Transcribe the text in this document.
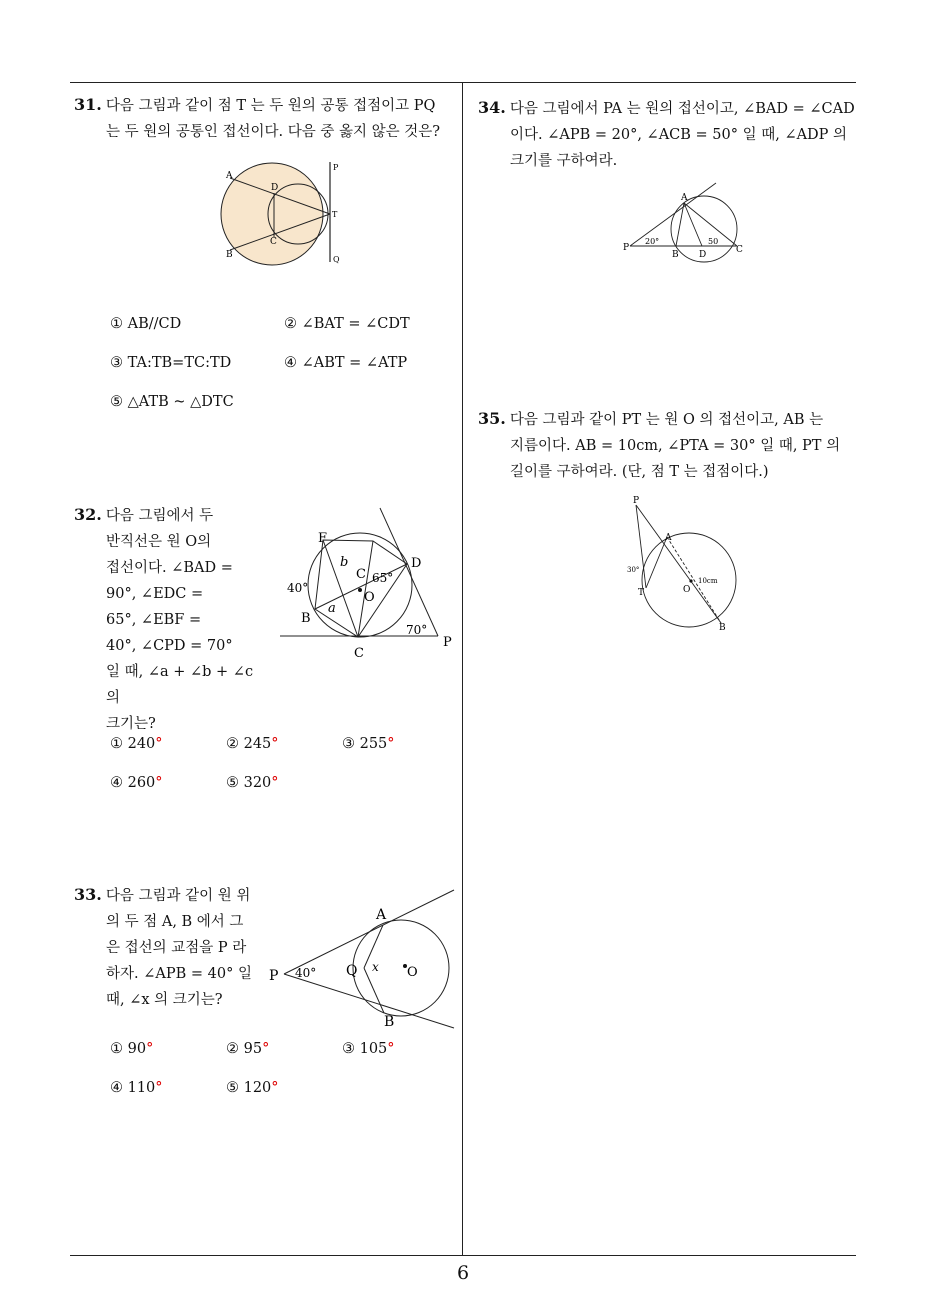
6
31. 다음 그림과 같이 점 T 는 두 원의 공통 접점이고 PQ
는 두 원의 공통인 접선이다. 다음 중 옳지 않은 것은?
A
D
T
C
B
P
Q
① AB//CD	② ∠BAT = ∠CDT
③ TA:TB=TC:TD	④ ∠ABT = ∠ATP
⑤ △ATB ~ △DTC
32. 다음 그림에서 두
반직선은 원 O의
접선이다. ∠BAD =
90°, ∠EDC =
65°, ∠EBF =
40°, ∠CPD = 70°
일 때, ∠a + ∠b + ∠c 의
크기는?
F
D
b
C 65°
40°
O
a
B
70°
P
C
① 240°	② 245°	③ 255°
④ 260°	⑤ 320°
33. 다음 그림과 같이 원 위
의 두 점 A, B 에서 그
은 접선의 교점을 P 라
하자. ∠APB = 40° 일
때, ∠x 의 크기는?
A
P 40° Q x O
B
① 90°	② 95°	③ 105°
④ 110°	⑤ 120°
34. 다음 그림에서 PA 는 원의 접선이고, ∠BAD = ∠CAD
이다. ∠APB = 20°, ∠ACB = 50° 일 때, ∠ADP 의
크기를 구하여라.
A
P
20°
B D
50
C
35. 다음 그림과 같이 PT 는 원 O 의 접선이고, AB 는
지름이다. AB = 10cm, ∠PTA = 30° 일 때, PT 의
길이를 구하여라. (단, 점 T 는 접점이다.)
P
A
30°
T	O
10cm
B
